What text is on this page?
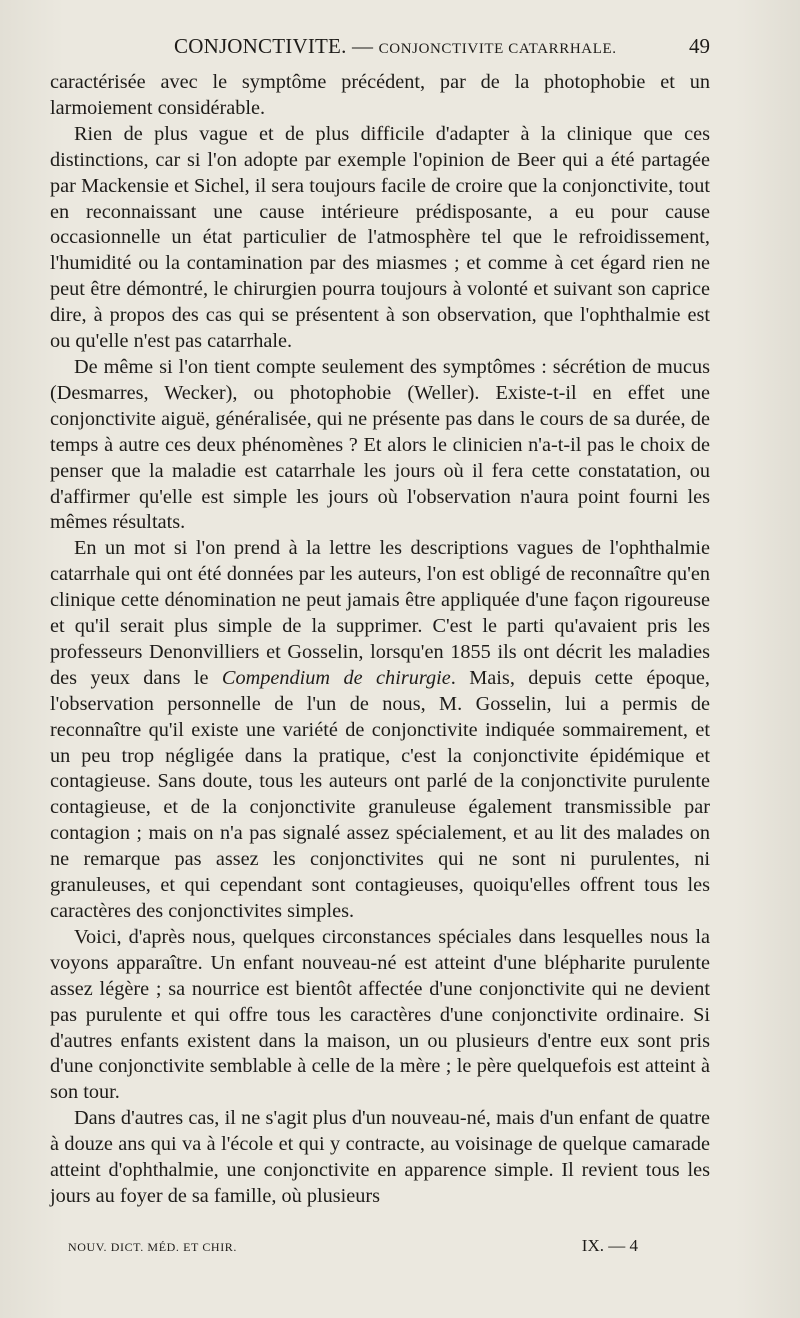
CONJONCTIVITE. — CONJONCTIVITE CATARRHALE.	49

caractérisée avec le symptôme précédent, par de la photophobie et un larmoiement considérable.

Rien de plus vague et de plus difficile d'adapter à la clinique que ces distinctions, car si l'on adopte par exemple l'opinion de Beer qui a été partagée par Mackensie et Sichel, il sera toujours facile de croire que la conjonctivite, tout en reconnaissant une cause intérieure prédisposante, a eu pour cause occasionnelle un état particulier de l'atmosphère tel que le refroidissement, l'humidité ou la contamination par des miasmes ; et comme à cet égard rien ne peut être démontré, le chirurgien pourra toujours à volonté et suivant son caprice dire, à propos des cas qui se présentent à son observation, que l'ophthalmie est ou qu'elle n'est pas catarrhale.

De même si l'on tient compte seulement des symptômes : sécrétion de mucus (Desmarres, Wecker), ou photophobie (Weller). Existe-t-il en effet une conjonctivite aiguë, généralisée, qui ne présente pas dans le cours de sa durée, de temps à autre ces deux phénomènes ? Et alors le clinicien n'a-t-il pas le choix de penser que la maladie est catarrhale les jours où il fera cette constatation, ou d'affirmer qu'elle est simple les jours où l'observation n'aura point fourni les mêmes résultats.

En un mot si l'on prend à la lettre les descriptions vagues de l'ophthalmie catarrhale qui ont été données par les auteurs, l'on est obligé de reconnaître qu'en clinique cette dénomination ne peut jamais être appliquée d'une façon rigoureuse et qu'il serait plus simple de la supprimer. C'est le parti qu'avaient pris les professeurs Denonvilliers et Gosselin, lorsqu'en 1855 ils ont décrit les maladies des yeux dans le Compendium de chirurgie. Mais, depuis cette époque, l'observation personnelle de l'un de nous, M. Gosselin, lui a permis de reconnaître qu'il existe une variété de conjonctivite indiquée sommairement, et un peu trop négligée dans la pratique, c'est la conjonctivite épidémique et contagieuse. Sans doute, tous les auteurs ont parlé de la conjonctivite purulente contagieuse, et de la conjonctivite granuleuse également transmissible par contagion ; mais on n'a pas signalé assez spécialement, et au lit des malades on ne remarque pas assez les conjonctivites qui ne sont ni purulentes, ni granuleuses, et qui cependant sont contagieuses, quoiqu'elles offrent tous les caractères des conjonctivites simples.

Voici, d'après nous, quelques circonstances spéciales dans lesquelles nous la voyons apparaître. Un enfant nouveau-né est atteint d'une blépharite purulente assez légère ; sa nourrice est bientôt affectée d'une conjonctivite qui ne devient pas purulente et qui offre tous les caractères d'une conjonctivite ordinaire. Si d'autres enfants existent dans la maison, un ou plusieurs d'entre eux sont pris d'une conjonctivite semblable à celle de la mère ; le père quelquefois est atteint à son tour.

Dans d'autres cas, il ne s'agit plus d'un nouveau-né, mais d'un enfant de quatre à douze ans qui va à l'école et qui y contracte, au voisinage de quelque camarade atteint d'ophthalmie, une conjonctivite en apparence simple. Il revient tous les jours au foyer de sa famille, où plusieurs

NOUV. DICT. MÉD. ET CHIR.	IX. — 4
